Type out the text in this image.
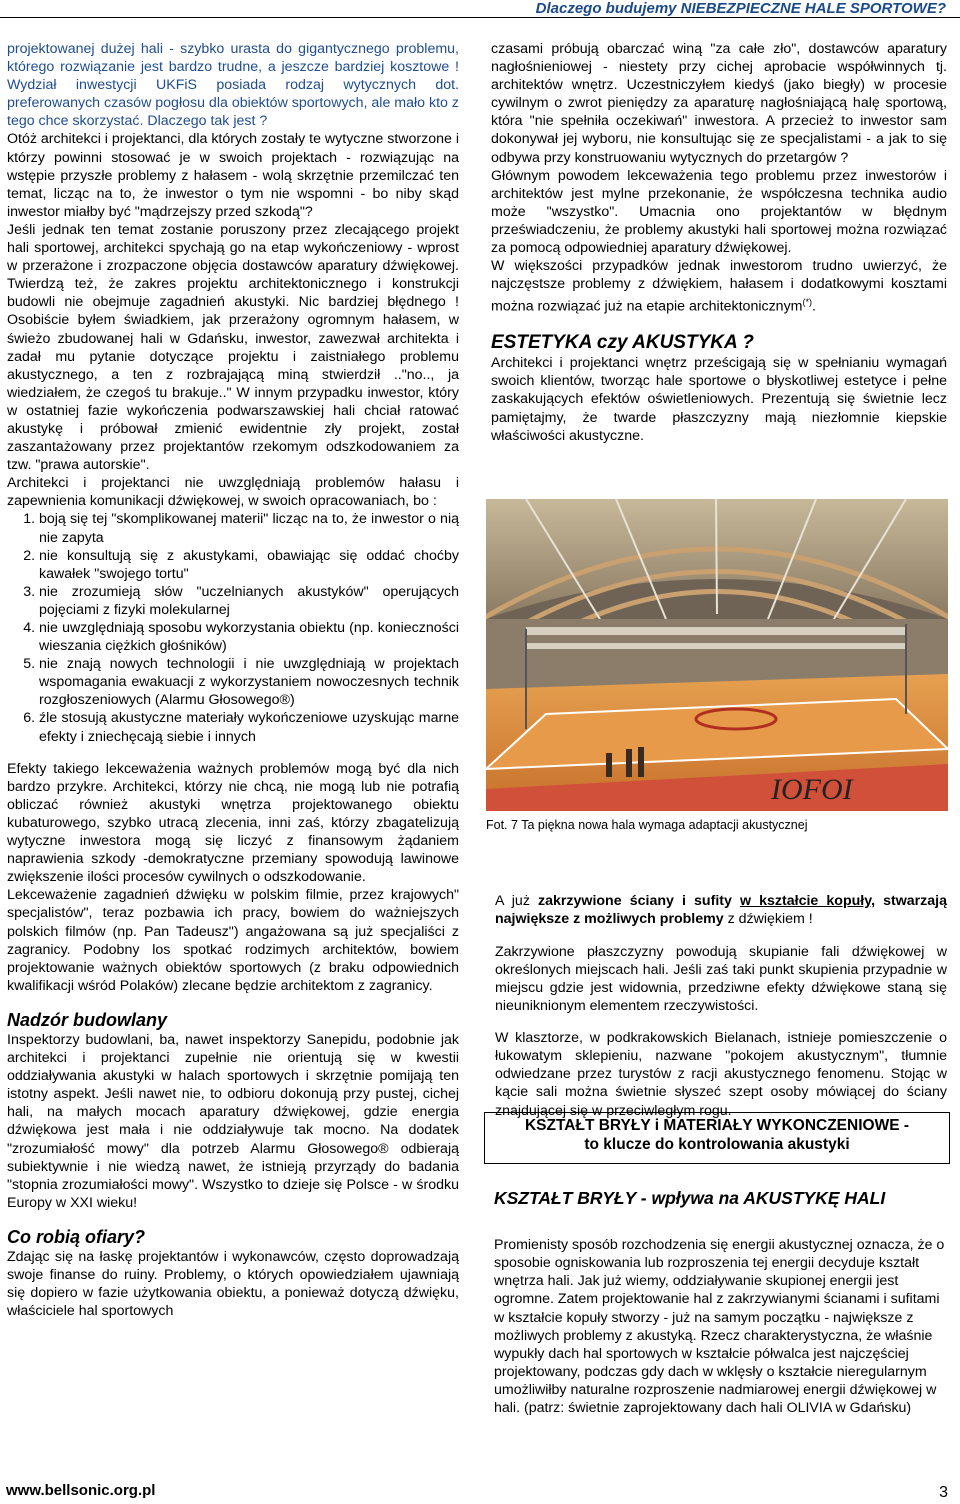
Dlaczego budujemy NIEBEZPIECZNE HALE SPORTOWE?

projektowanej dużej hali - szybko urasta do gigantycznego problemu, którego rozwiązanie jest bardzo trudne, a jeszcze bardziej kosztowe ! Wydział inwestycji UKFiS posiada rodzaj wytycznych dot. preferowanych czasów pogłosu dla obiektów sportowych, ale mało kto z tego chce skorzystać. Dlaczego tak jest ?

Otóż architekci i projektanci, dla których zostały te wytyczne stworzone i którzy powinni stosować je w swoich projektach - rozwiązując na wstępie przyszłe problemy z hałasem - wolą skrzętnie przemilczać ten temat, licząc na to, że inwestor o tym nie wspomni - bo niby skąd inwestor miałby być "mądrzejszy przed szkodą"?

Jeśli jednak ten temat zostanie poruszony przez zlecającego projekt hali sportowej, architekci spychają go na etap wykończeniowy - wprost w przerażone i zrozpaczone objęcia dostawców aparatury dźwiękowej. Twierdzą też, że zakres projektu architektonicznego i konstrukcji budowli nie obejmuje zagadnień akustyki. Nic bardziej błędnego ! Osobiście byłem świadkiem, jak przerażony ogromnym hałasem, w świeżo zbudowanej hali w Gdańsku, inwestor, zawezwał architekta i zadał mu pytanie dotyczące projektu i zaistniałego problemu akustycznego, a ten z rozbrajającą miną stwierdził .."no.., ja wiedziałem, że czegoś tu brakuje.." W innym przypadku inwestor, który w ostatniej fazie wykończenia podwarszawskiej hali chciał ratować akustykę i próbował zmienić ewidentnie zły projekt, został zaszantażowany przez projektantów rzekomym odszkodowaniem za tzw. "prawa autorskie".

Architekci i projektanci nie uwzględniają problemów hałasu i zapewnienia komunikacji dźwiękowej, w swoich opracowaniach, bo :

1. boją się tej "skomplikowanej materii" licząc na to, że inwestor o nią nie zapyta
2. nie konsultują się z akustykami, obawiając się oddać choćby kawałek "swojego tortu"
3. nie zrozumieją słów "uczelnianych akustyków" operujących pojęciami z fizyki molekularnej
4. nie uwzględniają sposobu wykorzystania obiektu (np. konieczności wieszania ciężkich głośników)
5. nie znają nowych technologii i nie uwzględniają w projektach wspomagania ewakuacji z wykorzystaniem nowoczesnych technik rozgłoszeniowych (Alarmu Głosowego®)
6. źle stosują akustyczne materiały wykończeniowe uzyskując marne efekty i zniechęcają siebie i innych

Efekty takiego lekceważenia ważnych problemów mogą być dla nich bardzo przykre. Architekci, którzy nie chcą, nie mogą lub nie potrafią obliczać również akustyki wnętrza projektowanego obiektu kubaturowego, szybko utracą zlecenia, inni zaś, którzy zbagatelizują wytyczne inwestora mogą się liczyć z finansowym żądaniem naprawienia szkody -demokratyczne przemiany spowodują lawinowe zwiększenie ilości procesów cywilnych o odszkodowanie.

Lekceważenie zagadnień dźwięku w polskim filmie, przez krajowych" specjalistów", teraz pozbawia ich pracy, bowiem do ważniejszych polskich filmów (np. Pan Tadeusz") angażowana są już specjaliści z zagranicy. Podobny los spotkać rodzimych architektów, bowiem projektowanie ważnych obiektów sportowych (z braku odpowiednich kwalifikacji wśród Polaków) zlecane będzie architektom z zagranicy.

Nadzór budowlany

Inspektorzy budowlani, ba, nawet inspektorzy Sanepidu, podobnie jak architekci i projektanci zupełnie nie orientują się w kwestii oddziaływania akustyki w halach sportowych i skrzętnie pomijają ten istotny aspekt. Jeśli nawet nie, to odbioru dokonują przy pustej, cichej hali, na małych mocach aparatury dźwiękowej, gdzie energia dźwiękowa jest mała i nie oddziaływuje tak mocno. Na dodatek "zrozumiałość mowy" dla potrzeb Alarmu Głosowego® odbierają subiektywnie i nie wiedzą nawet, że istnieją przyrządy do badania "stopnia zrozumiałości mowy". Wszystko to dzieje się Polsce - w środku Europy w XXI wieku!

Co robią ofiary?

Zdając się na łaskę projektantów i wykonawców, często doprowadzają swoje finanse do ruiny. Problemy, o których opowiedziałem ujawniają się dopiero w fazie użytkowania obiektu, a ponieważ dotyczą dźwięku, właściciele hal sportowych

czasami próbują obarczać winą "za całe zło", dostawców aparatury nagłośnieniowej - niestety przy cichej aprobacie współwinnych tj. architektów wnętrz. Uczestniczyłem kiedyś (jako biegły) w procesie cywilnym o zwrot pieniędzy za aparaturę nagłośniającą halę sportową, która "nie spełniła oczekiwań" inwestora. A przecież to inwestor sam dokonywał jej wyboru, nie konsultując się ze specjalistami - a jak to się odbywa przy konstruowaniu wytycznych do przetargów ?

Głównym powodem lekceważenia tego problemu przez inwestorów i architektów jest mylne przekonanie, że współczesna technika audio może "wszystko". Umacnia ono projektantów w błędnym przeświadczeniu, że problemy akustyki hali sportowej można rozwiązać za pomocą odpowiedniej aparatury dźwiękowej.

W większości przypadków jednak inwestorom trudno uwierzyć, że najczęstsze problemy z dźwiękiem, hałasem i dodatkowymi kosztami można rozwiązać już na etapie architektonicznym(*).

ESTETYKA czy AKUSTYKA ?

Architekci i projektanci wnętrz prześcigają się w spełnianiu wymagań swoich klientów, tworząc hale sportowe o błyskotliwej estetyce i pełne zaskakujących efektów oświetleniowych. Prezentują się świetnie lecz pamiętajmy, że twarde płaszczyzny mają niezłomnie kiepskie właściwości akustyczne.

IOFOI
Fot. 7 Ta piękna nowa hala wymaga adaptacji akustycznej

A już zakrzywione ściany i sufity w kształcie kopuły, stwarzają największe z możliwych problemy z dźwiękiem !

Zakrzywione płaszczyzny powodują skupianie fali dźwiękowej w określonych miejscach hali. Jeśli zaś taki punkt skupienia przypadnie w miejscu gdzie jest widownia, przedziwne efekty dźwiękowe staną się nieuniknionym elementem rzeczywistości.

W klasztorze, w podkrakowskich Bielanach, istnieje pomieszczenie o łukowatym sklepieniu, nazwane "pokojem akustycznym", tłumnie odwiedzane przez turystów z racji akustycznego fenomenu. Stojąc w kącie sali można świetnie słyszeć szept osoby mówiącej do ściany znajdującej się w przeciwległym rogu.

KSZTAŁT BRYŁY i MATERIAŁY WYKONCZENIOWE -
to klucze do kontrolowania akustyki
KSZTAŁT BRYŁY - wpływa na AKUSTYKĘ HALI

Promienisty sposób rozchodzenia się energii akustycznej oznacza, że o sposobie ogniskowania lub rozproszenia tej energii decyduje kształt wnętrza hali. Jak już wiemy, oddziaływanie skupionej energii jest ogromne. Zatem projektowanie hal z zakrzywianymi ścianami i sufitami w kształcie kopuły stworzy - już na samym początku - największe z możliwych problemy z akustyką. Rzecz charakterystyczna, że właśnie wypukły dach hal sportowych w kształcie półwalca jest najczęściej projektowany, podczas gdy dach w wklęsły o kształcie nieregularnym umożliwiłby naturalne rozproszenie nadmiarowej energii dźwiękowej w hali. (patrz: świetnie zaprojektowany dach hali OLIVIA w Gdańsku)

www.bellsonic.org.pl	3
